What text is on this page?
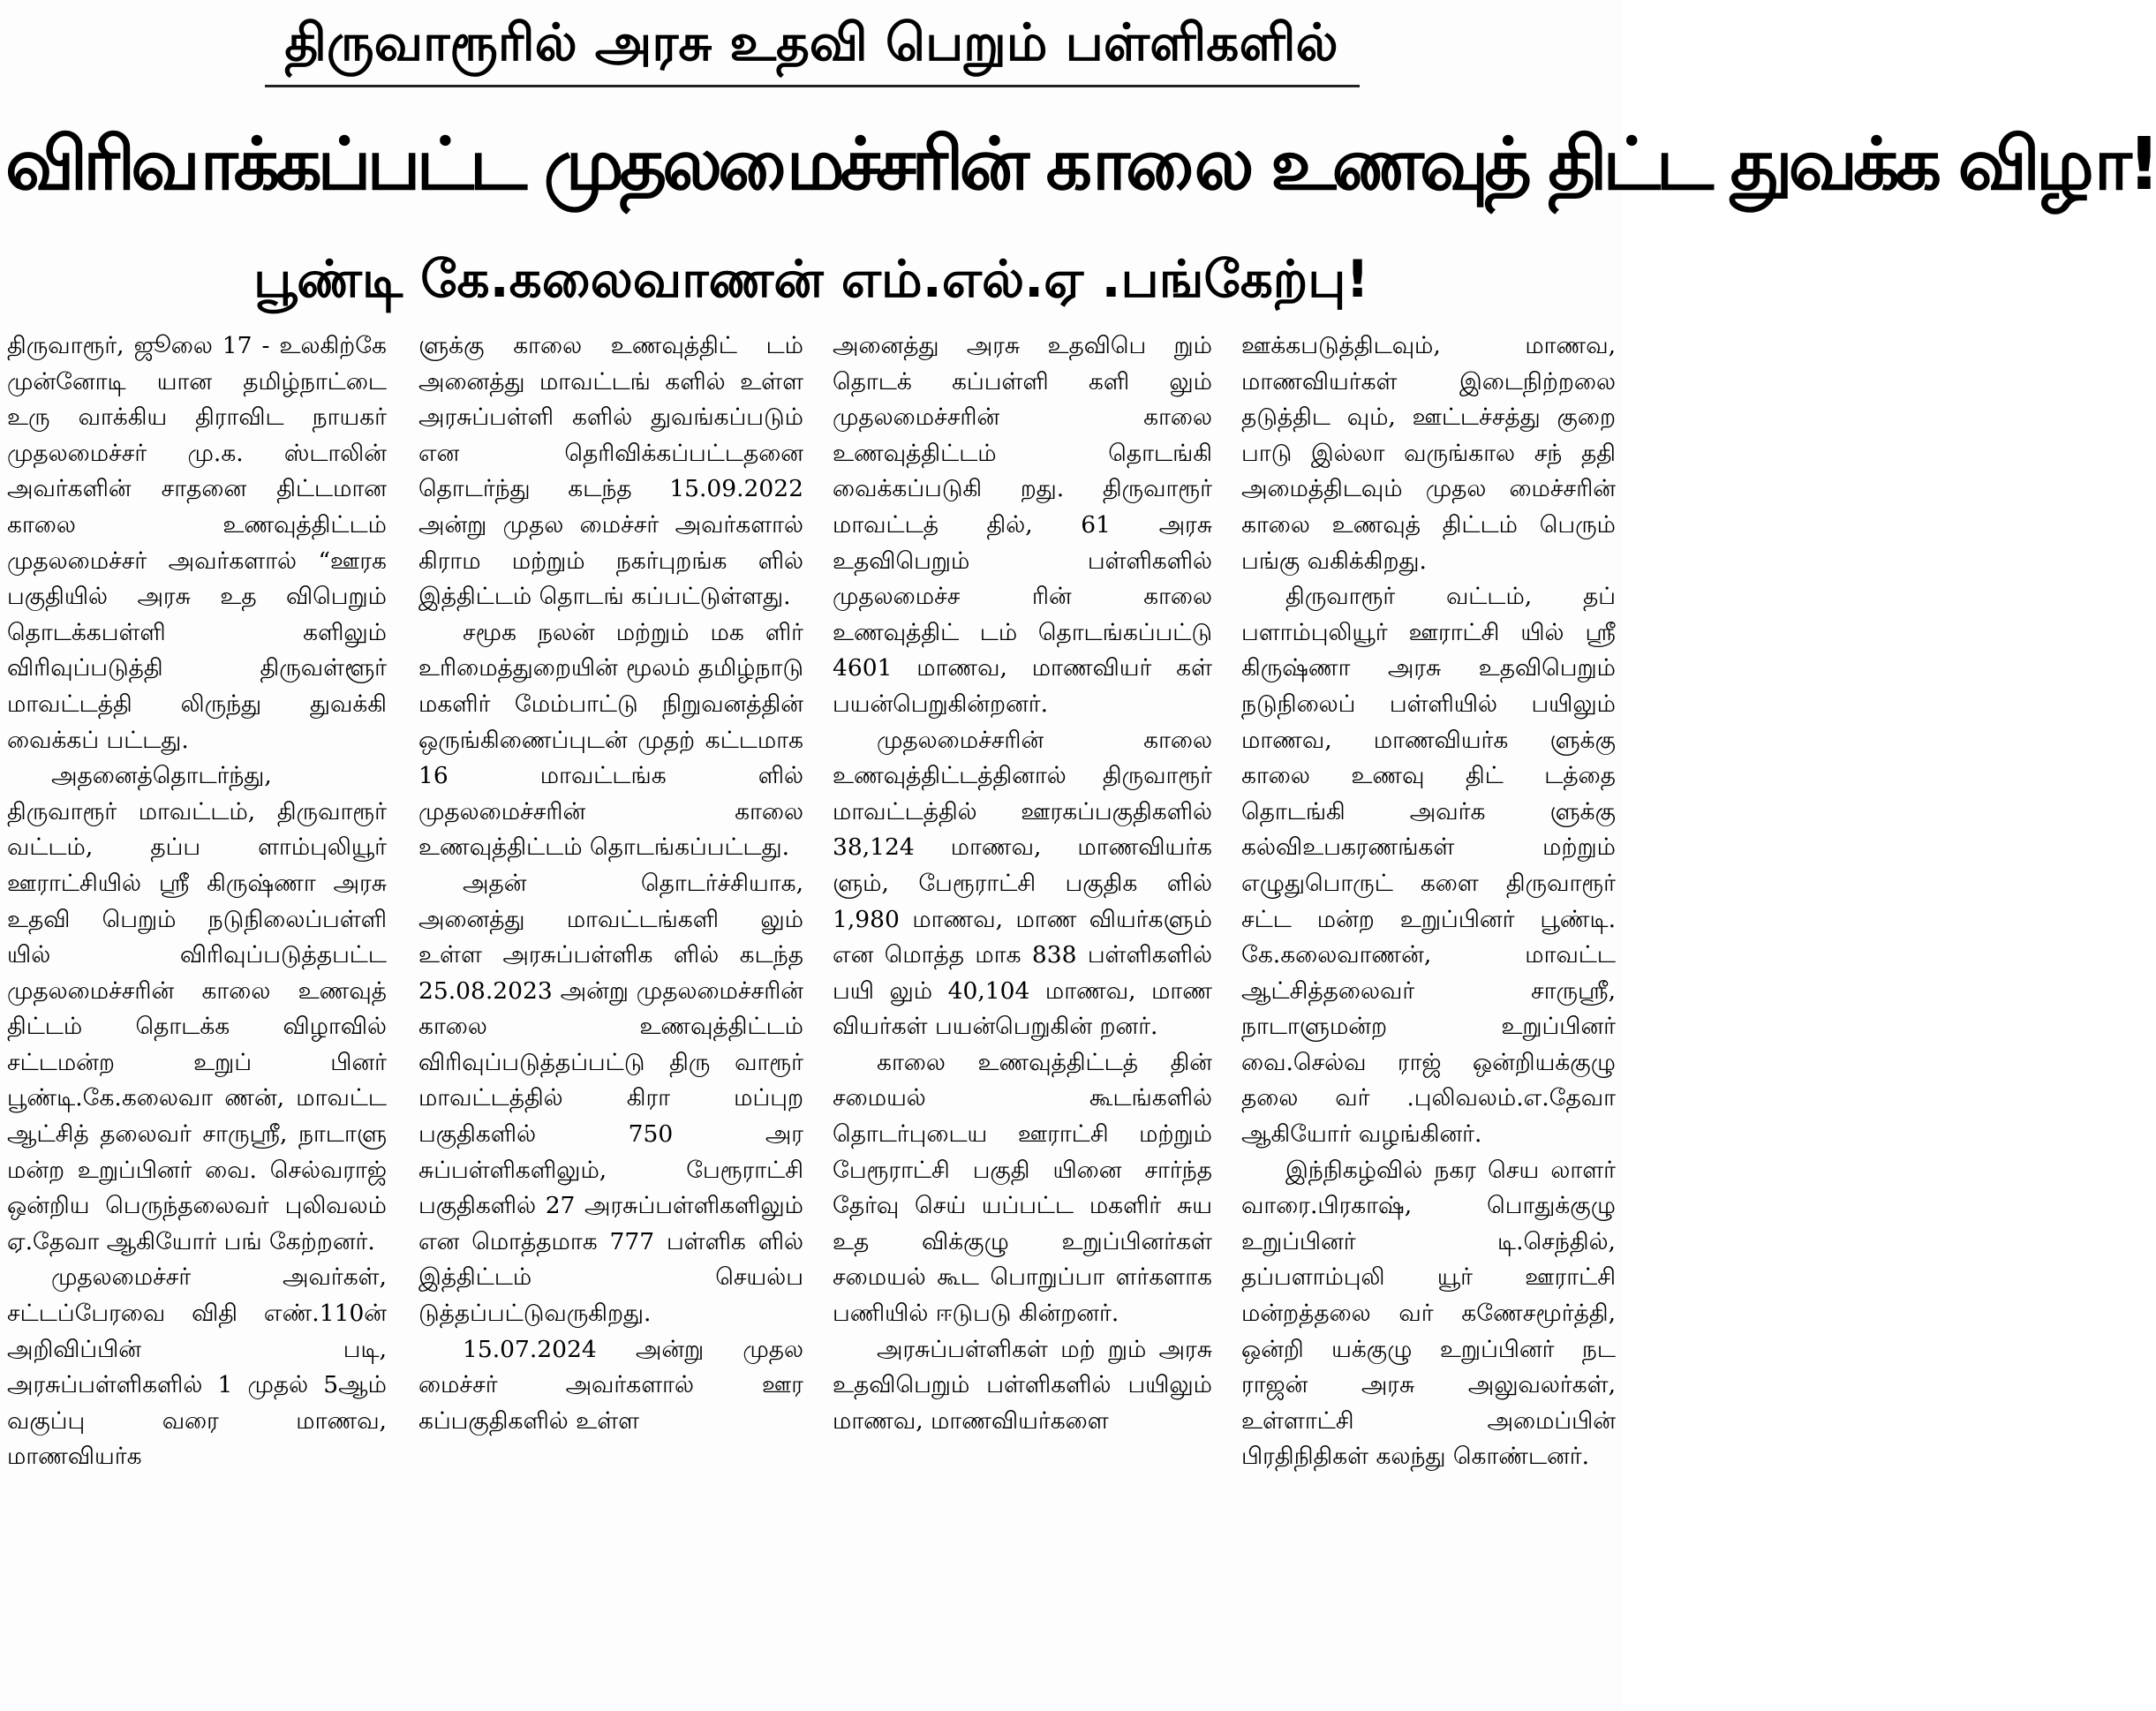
திருவாரூரில் அரசு உதவி பெறும் பள்ளிகளில்
விரிவாக்கப்பட்ட முதலமைச்சரின் காலை உணவுத் திட்ட துவக்க விழா!
பூண்டி கே.கலைவாணன் எம்.எல்.ஏ .பங்கேற்பு!

திருவாரூர், ஜூலை 17 - உலகிற்கே முன்னோடி யான தமிழ்நாட்டை உரு வாக்கிய திராவிட நாயகர் முதலமைச்சர் மு.க. ஸ்டாலின் அவர்களின் சாதனை திட்டமான காலை உணவுத்திட்டம் முதலமைச்சர் அவர்களால் “ஊரக பகுதியில் அரசு உத விபெறும் தொடக்கபள்ளி களிலும் விரிவுப்படுத்தி திருவள்ளூர் மாவட்டத்தி லிருந்து துவக்கி வைக்கப் பட்டது.

அதனைத்தொடர்ந்து, திருவாரூர் மாவட்டம், திருவாரூர் வட்டம், தப்ப ளாம்புலியூர் ஊராட்சியில் ஸ்ரீ கிருஷ்ணா அரசு உதவி பெறும் நடுநிலைப்பள்ளி யில் விரிவுப்படுத்தபட்ட முதலமைச்சரின் காலை உணவுத் திட்டம் தொடக்க விழாவில் சட்டமன்ற உறுப் பினர் பூண்டி.கே.கலைவா ணன், மாவட்ட ஆட்சித் தலைவர் சாருஸ்ரீ, நாடாளு மன்ற உறுப்பினர் வை. செல்வராஜ் ஒன்றிய பெருந்தலைவர் புலிவலம் ஏ.தேவா ஆகியோர் பங் கேற்றனர்.

முதலமைச்சர் அவர்கள், சட்டப்பேரவை விதி எண்.110ன் அறிவிப்பின் படி, அரசுப்பள்ளிகளில் 1 முதல் 5ஆம் வகுப்பு வரை மாணவ, மாணவியர்க

ளுக்கு காலை உணவுத்திட் டம் அனைத்து மாவட்டங் களில் உள்ள அரசுப்பள்ளி களில் துவங்கப்படும் என தெரிவிக்கப்பட்டதனை தொடர்ந்து கடந்த 15.09.2022 அன்று முதல மைச்சர் அவர்களால் கிராம மற்றும் நகர்புறங்க ளில் இத்திட்டம் தொடங் கப்பட்டுள்ளது.

சமூக நலன் மற்றும் மக ளிர் உரிமைத்துறையின் மூலம் தமிழ்நாடு மகளிர் மேம்பாட்டு நிறுவனத்தின் ஒருங்கிணைப்புடன் முதற் கட்டமாக 16 மாவட்டங்க ளில் முதலமைச்சரின் காலை உணவுத்திட்டம் தொடங்கப்பட்டது.

அதன் தொடர்ச்சியாக, அனைத்து மாவட்டங்களி லும் உள்ள அரசுப்பள்ளிக ளில் கடந்த 25.08.2023 அன்று முதலமைச்சரின் காலை உணவுத்திட்டம் விரிவுப்படுத்தப்பட்டு திரு வாரூர் மாவட்டத்தில் கிரா மப்புற பகுதிகளில் 750 அர சுப்பள்ளிகளிலும், பேரூராட்சி பகுதிகளில் 27 அரசுப்பள்ளிகளிலும் என மொத்தமாக 777 பள்ளிக ளில் இத்திட்டம் செயல்ப டுத்தப்பட்டுவருகிறது.

15.07.2024 அன்று முதல மைச்சர் அவர்களால் ஊர கப்பகுதிகளில் உள்ள

அனைத்து அரசு உதவிபெ றும் தொடக் கப்பள்ளி களி லும் முதலமைச்சரின் காலை உணவுத்திட்டம் தொடங்கி வைக்கப்படுகி றது. திருவாரூர் மாவட்டத் தில், 61 அரசு உதவிபெறும் பள்ளிகளில் முதலமைச்ச ரின் காலை உணவுத்திட் டம் தொடங்கப்பட்டு 4601 மாணவ, மாணவியர் கள் பயன்பெறுகின்றனர்.

முதலமைச்சரின் காலை உணவுத்திட்டத்தினால் திருவாரூர் மாவட்டத்தில் ஊரகப்பகுதிகளில் 38,124 மாணவ, மாணவியர்க ளும், பேரூராட்சி பகுதிக ளில் 1,980 மாணவ, மாண வியர்களும் என மொத்த மாக 838 பள்ளிகளில் பயி லும் 40,104 மாணவ, மாண வியர்கள் பயன்பெறுகின் றனர்.

காலை உணவுத்திட்டத் தின் சமையல் கூடங்களில் தொடர்புடைய ஊராட்சி மற்றும் பேரூராட்சி பகுதி யினை சார்ந்த தேர்வு செய் யப்பட்ட மகளிர் சுய உத விக்குழு உறுப்பினர்கள் சமையல் கூட பொறுப்பா ளர்களாக பணியில் ஈடுபடு கின்றனர்.

அரசுப்பள்ளிகள் மற் றும் அரசு உதவிபெறும் பள்ளிகளில் பயிலும் மாணவ, மாணவியர்களை

ஊக்கபடுத்திடவும், மாணவ, மாணவியர்கள் இடைநிற்றலை தடுத்திட வும், ஊட்டச்சத்து குறை பாடு இல்லா வருங்கால சந் ததி அமைத்திடவும் முதல மைச்சரின் காலை உணவுத் திட்டம் பெரும் பங்கு வகிக்கிறது.

திருவாரூர் வட்டம், தப் பளாம்புலியூர் ஊராட்சி யில் ஸ்ரீ கிருஷ்ணா அரசு உதவிபெறும் நடுநிலைப் பள்ளியில் பயிலும் மாணவ, மாணவியர்க ளுக்கு காலை உணவு திட் டத்தை தொடங்கி அவர்க ளுக்கு கல்விஉபகரணங்கள் மற்றும் எழுதுபொருட் களை திருவாரூர் சட்ட மன்ற உறுப்பினர் பூண்டி. கே.கலைவாணன், மாவட்ட ஆட்சித்தலைவர் சாருஸ்ரீ, நாடாளுமன்ற உறுப்பினர் வை.செல்வ ராஜ் ஒன்றியக்குழு தலை வர் .புலிவலம்.எ.தேவா ஆகியோர் வழங்கினர்.

இந்நிகழ்வில் நகர செய லாளர் வாரை.பிரகாஷ், பொதுக்குழு உறுப்பினர் டி.செந்தில், தப்பளாம்புலி யூர் ஊராட்சி மன்றத்தலை வர் கணேசமூர்த்தி, ஒன்றி யக்குழு உறுப்பினர் நட ராஜன் அரசு அலுவலர்கள், உள்ளாட்சி அமைப்பின் பிரதிநிதிகள் கலந்து கொண்டனர்.
